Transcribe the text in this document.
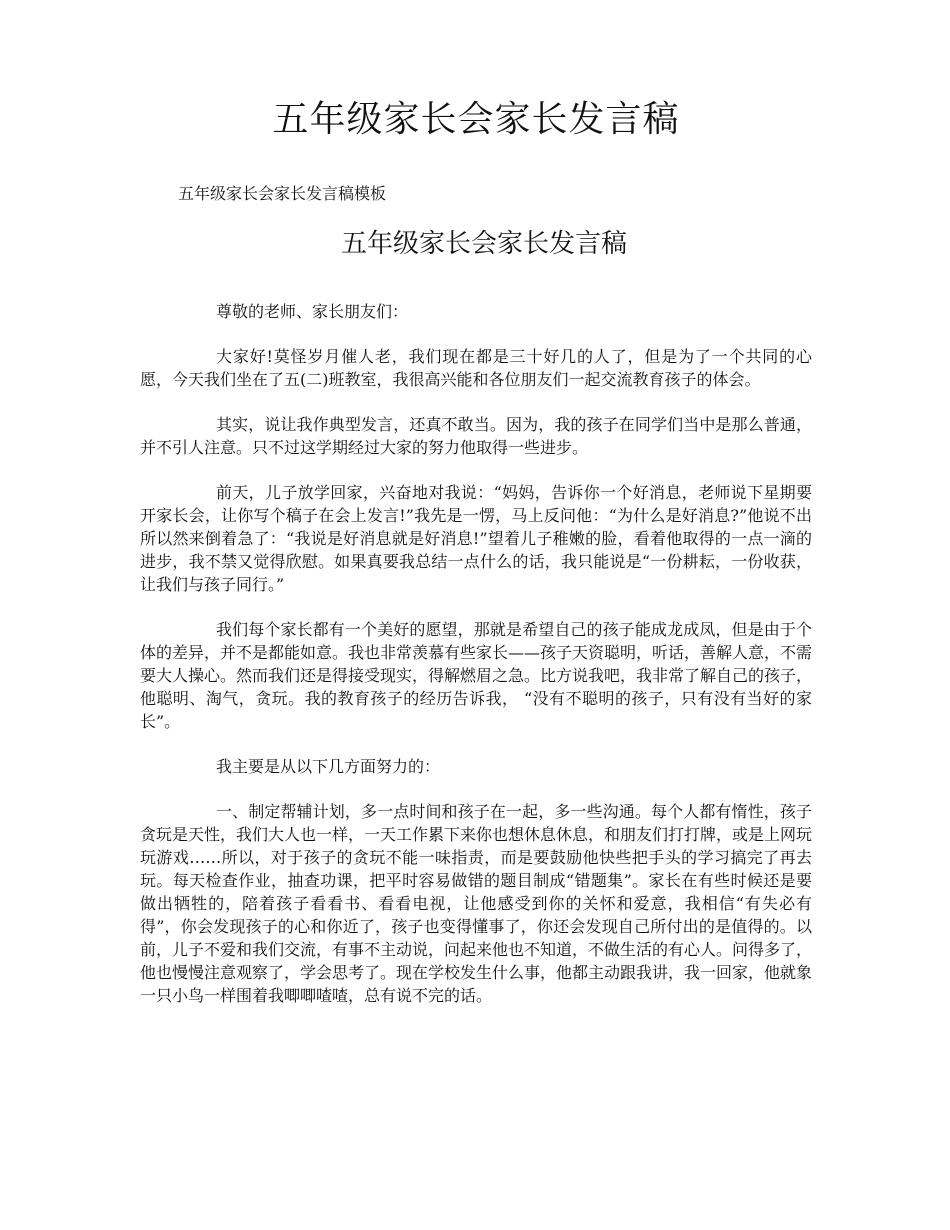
五年级家长会家长发言稿
五年级家长会家长发言稿模板
五年级家长会家长发言稿

尊敬的老师、家长朋友们：

大家好!莫怪岁月催人老，我们现在都是三十好几的人了，但是为了一个共同的心愿，今天我们坐在了五(二)班教室，我很高兴能和各位朋友们一起交流教育孩子的体会。

其实，说让我作典型发言，还真不敢当。因为，我的孩子在同学们当中是那么普通，并不引人注意。只不过这学期经过大家的努力他取得一些进步。

前天，儿子放学回家，兴奋地对我说：“妈妈，告诉你一个好消息，老师说下星期要开家长会，让你写个稿子在会上发言!”我先是一愣，马上反问他：“为什么是好消息?”他说不出所以然来倒着急了：“我说是好消息就是好消息!”望着儿子稚嫩的脸，看着他取得的一点一滴的进步，我不禁又觉得欣慰。如果真要我总结一点什么的话，我只能说是“一份耕耘，一份收获，让我们与孩子同行。”

我们每个家长都有一个美好的愿望，那就是希望自己的孩子能成龙成凤，但是由于个体的差异，并不是都能如意。我也非常羡慕有些家长——孩子天资聪明，听话，善解人意，不需要大人操心。然而我们还是得接受现实，得解燃眉之急。比方说我吧，我非常了解自己的孩子，他聪明、淘气，贪玩。我的教育孩子的经历告诉我， “没有不聪明的孩子，只有没有当好的家长”。

我主要是从以下几方面努力的：

一、制定帮辅计划，多一点时间和孩子在一起，多一些沟通。每个人都有惰性，孩子贪玩是天性，我们大人也一样，一天工作累下来你也想休息休息，和朋友们打打牌，或是上网玩玩游戏……所以，对于孩子的贪玩不能一味指责，而是要鼓励他快些把手头的学习搞完了再去玩。每天检查作业，抽查功课，把平时容易做错的题目制成“错题集”。家长在有些时候还是要做出牺牲的，陪着孩子看看书、看看电视，让他感受到你的关怀和爱意，我相信“有失必有得”，你会发现孩子的心和你近了，孩子也变得懂事了，你还会发现自己所付出的是值得的。以前，儿子不爱和我们交流，有事不主动说，问起来他也不知道，不做生活的有心人。问得多了，他也慢慢注意观察了，学会思考了。现在学校发生什么事，他都主动跟我讲，我一回家，他就象一只小鸟一样围着我唧唧喳喳，总有说不完的话。
